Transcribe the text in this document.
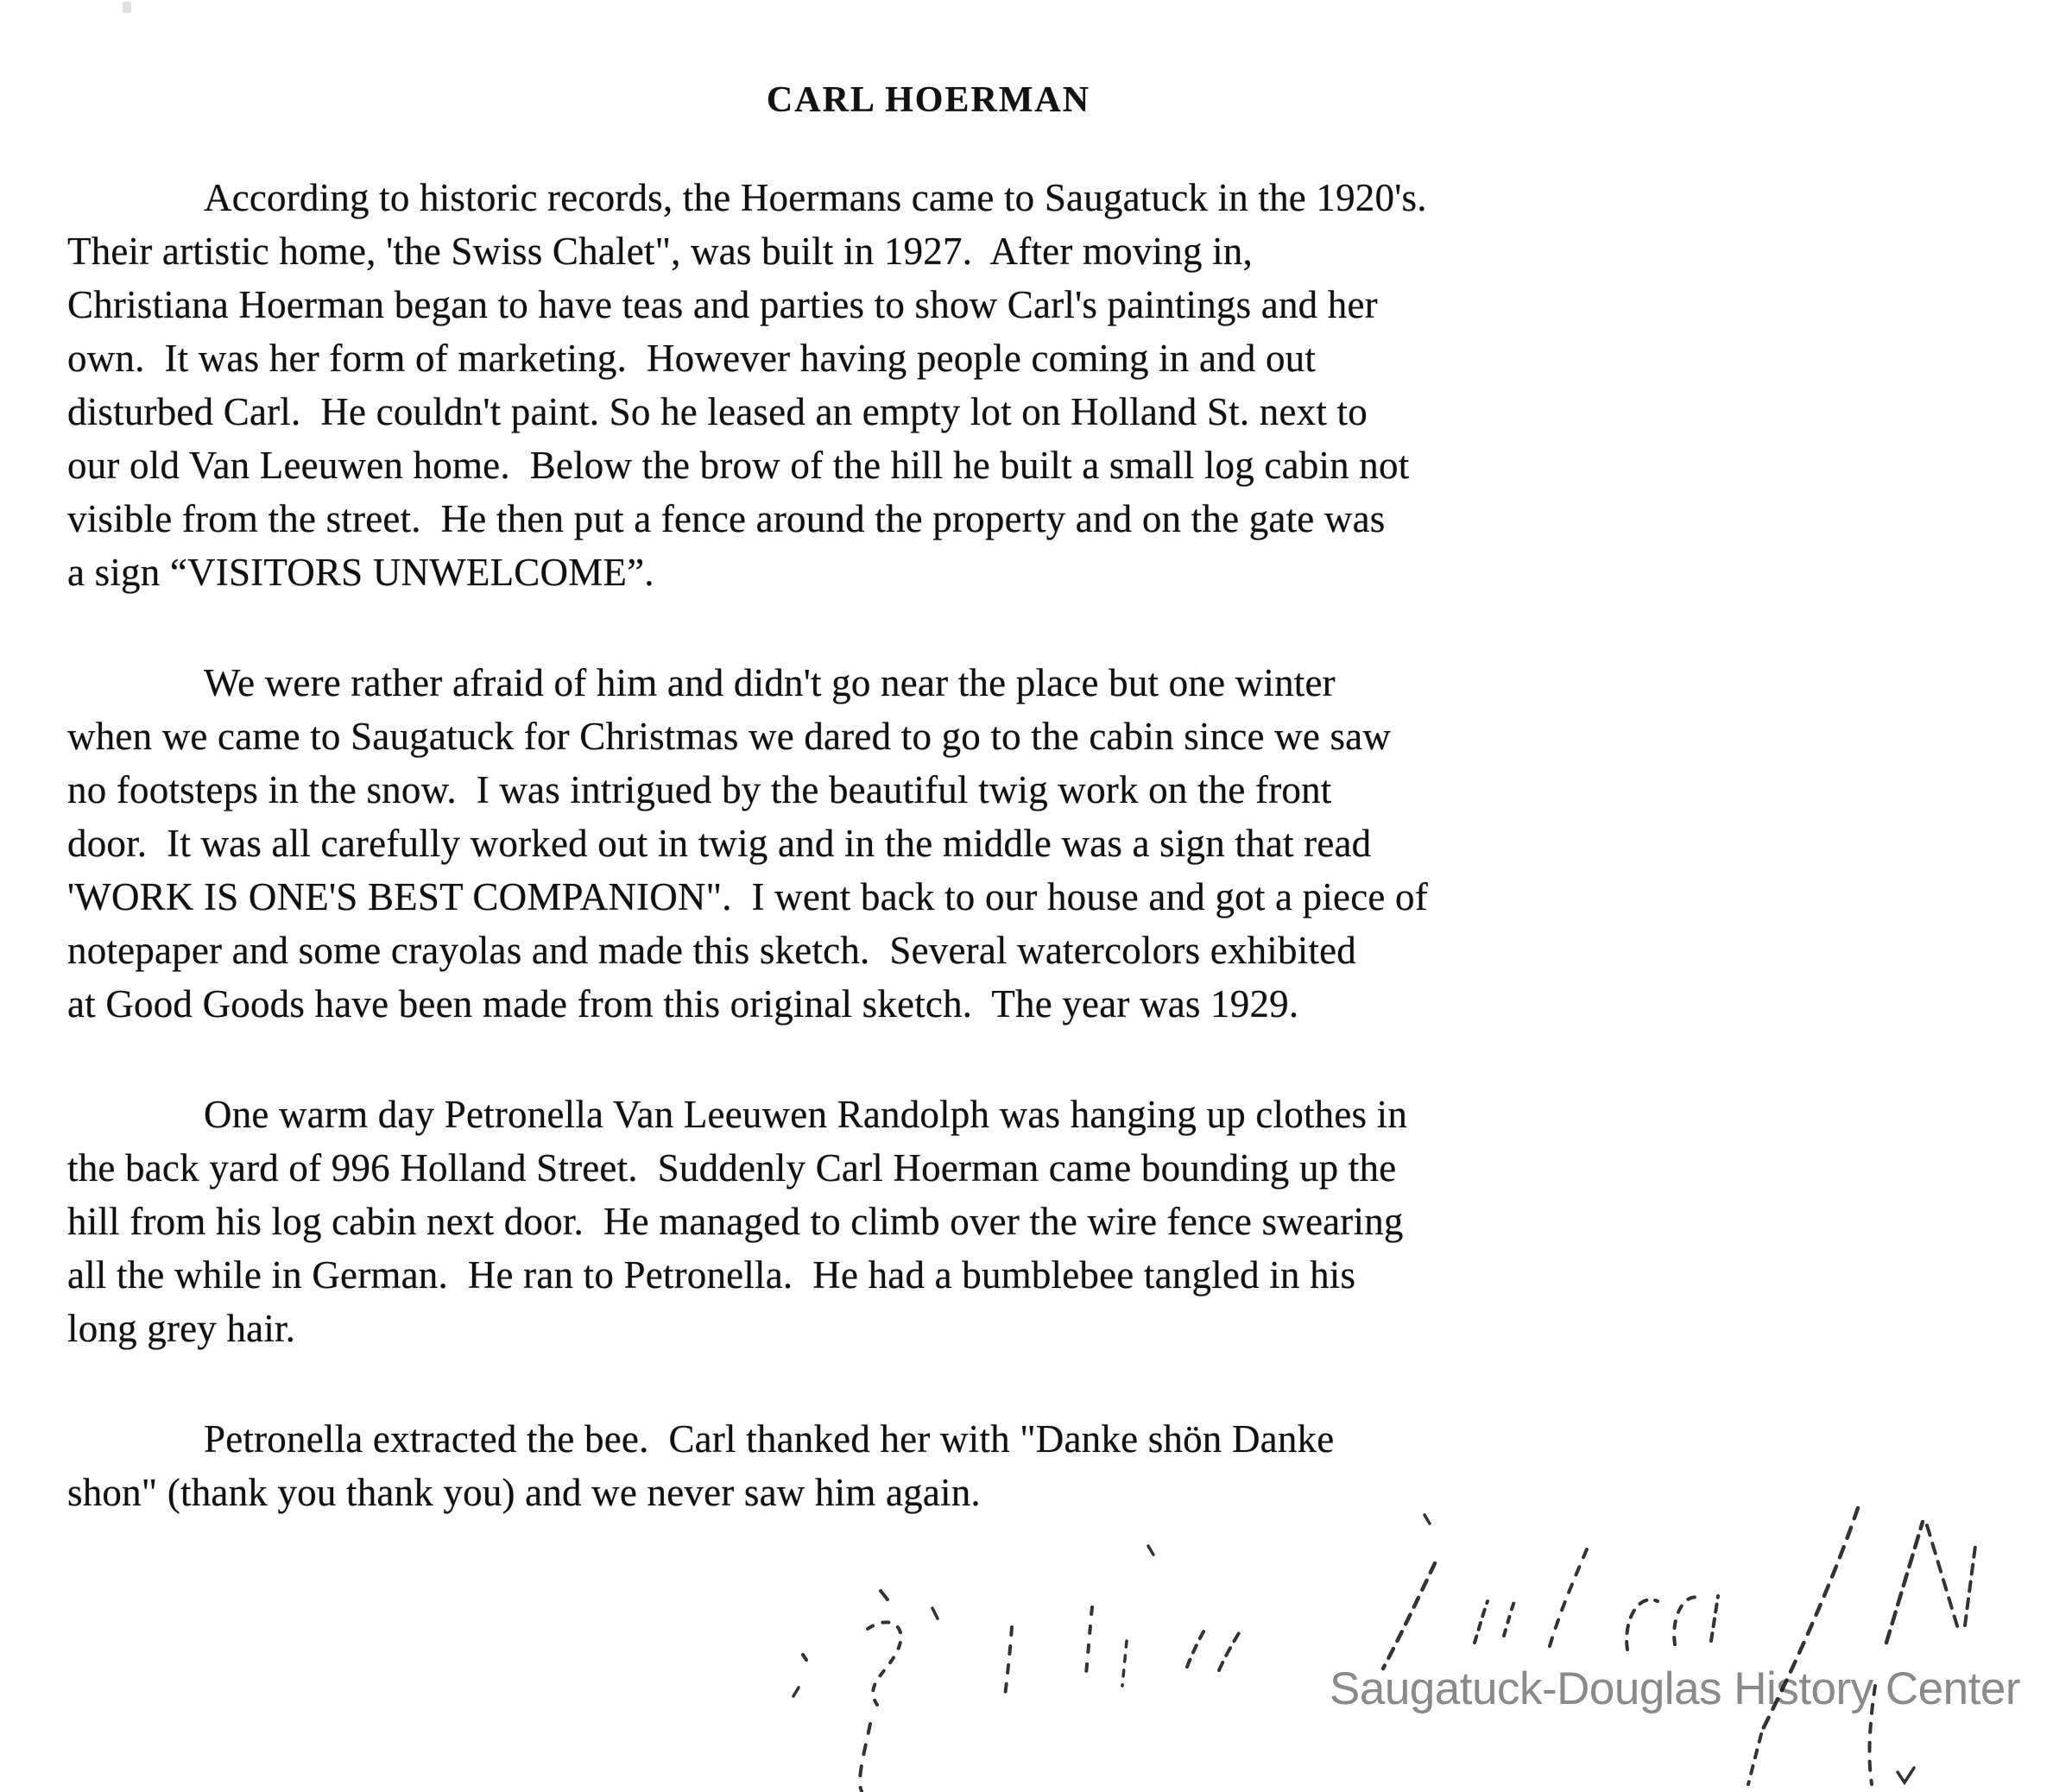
CARL HOERMAN

According to historic records, the Hoermans came to Saugatuck in the 1920's.
Their artistic home, 'the Swiss Chalet", was built in 1927.  After moving in,
Christiana Hoerman began to have teas and parties to show Carl's paintings and her
own.  It was her form of marketing.  However having people coming in and out
disturbed Carl.  He couldn't paint. So he leased an empty lot on Holland St. next to
our old Van Leeuwen home.  Below the brow of the hill he built a small log cabin not
visible from the street.  He then put a fence around the property and on the gate was
a sign “VISITORS UNWELCOME”.

We were rather afraid of him and didn't go near the place but one winter
when we came to Saugatuck for Christmas we dared to go to the cabin since we saw
no footsteps in the snow.  I was intrigued by the beautiful twig work on the front
door.  It was all carefully worked out in twig and in the middle was a sign that read
'WORK IS ONE'S BEST COMPANION".  I went back to our house and got a piece of
notepaper and some crayolas and made this sketch.  Several watercolors exhibited
at Good Goods have been made from this original sketch.  The year was 1929.

One warm day Petronella Van Leeuwen Randolph was hanging up clothes in
the back yard of 996 Holland Street.  Suddenly Carl Hoerman came bounding up the
hill from his log cabin next door.  He managed to climb over the wire fence swearing
all the while in German.  He ran to Petronella.  He had a bumblebee tangled in his
long grey hair.

Petronella extracted the bee.  Carl thanked her with "Danke shön Danke
shon" (thank you thank you) and we never saw him again.

Saugatuck-Douglas History Center
